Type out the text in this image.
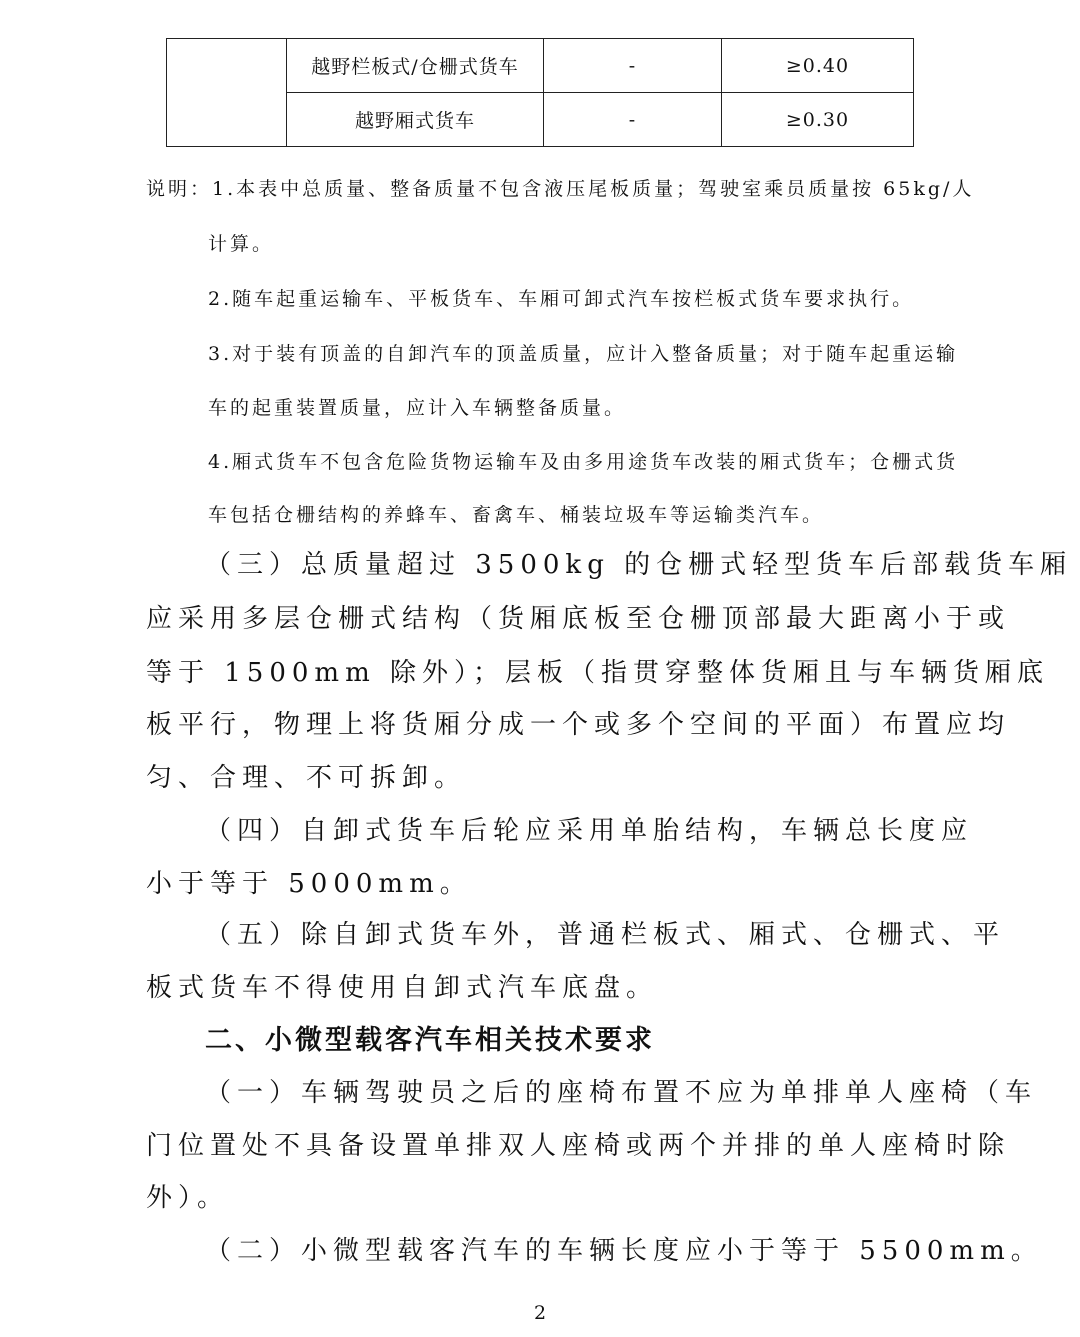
	越野栏板式/仓栅式货车	-	≥0.40
	越野厢式货车	-	≥0.30
说明：1.本表中总质量、整备质量不包含液压尾板质量；驾驶室乘员质量按 65kg/人
计算。
2.随车起重运输车、平板货车、车厢可卸式汽车按栏板式货车要求执行。
3.对于装有顶盖的自卸汽车的顶盖质量，应计入整备质量；对于随车起重运输
车的起重装置质量，应计入车辆整备质量。
4.厢式货车不包含危险货物运输车及由多用途货车改装的厢式货车；仓栅式货
车包括仓栅结构的养蜂车、畜禽车、桶装垃圾车等运输类汽车。
（三）总质量超过 3500kg 的仓栅式轻型货车后部载货车厢
应采用多层仓栅式结构（货厢底板至仓栅顶部最大距离小于或
等于 1500mm 除外）；层板（指贯穿整体货厢且与车辆货厢底
板平行，物理上将货厢分成一个或多个空间的平面）布置应均
匀、合理、不可拆卸。
（四）自卸式货车后轮应采用单胎结构，车辆总长度应
小于等于 5000mm。
（五）除自卸式货车外，普通栏板式、厢式、仓栅式、平
板式货车不得使用自卸式汽车底盘。
二、小微型载客汽车相关技术要求
（一）车辆驾驶员之后的座椅布置不应为单排单人座椅（车
门位置处不具备设置单排双人座椅或两个并排的单人座椅时除
外）。
（二）小微型载客汽车的车辆长度应小于等于 5500mm。
2
